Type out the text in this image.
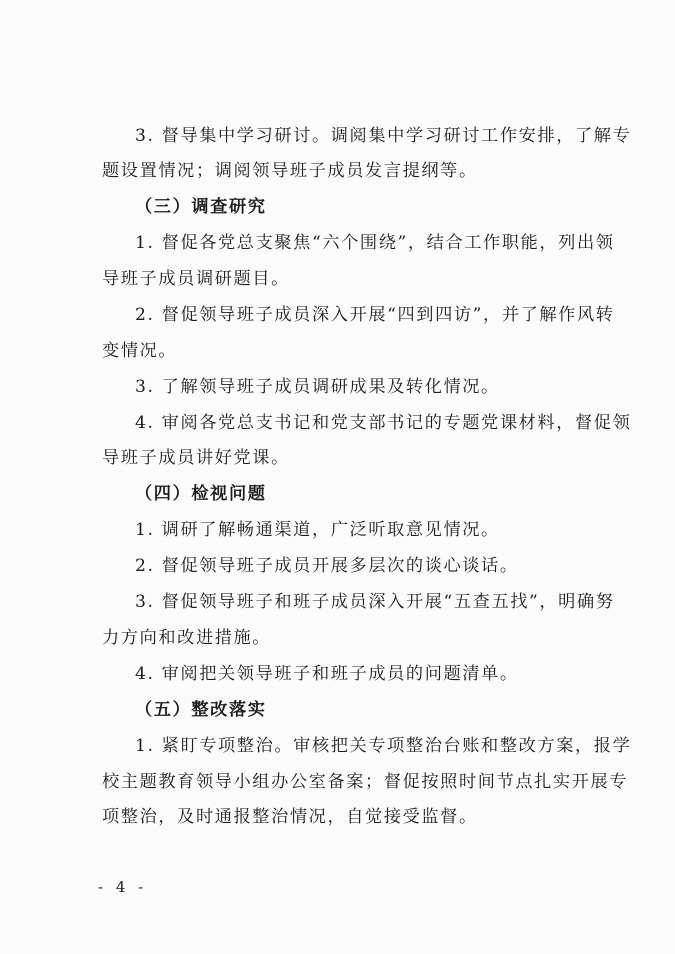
3. 督导集中学习研讨。调阅集中学习研讨工作安排，了解专
题设置情况；调阅领导班子成员发言提纲等。
（三）调查研究
1. 督促各党总支聚焦“六个围绕”，结合工作职能，列出领
导班子成员调研题目。
2. 督促领导班子成员深入开展“四到四访”，并了解作风转
变情况。
3. 了解领导班子成员调研成果及转化情况。
4. 审阅各党总支书记和党支部书记的专题党课材料，督促领
导班子成员讲好党课。
（四）检视问题
1. 调研了解畅通渠道，广泛听取意见情况。
2. 督促领导班子成员开展多层次的谈心谈话。
3. 督促领导班子和班子成员深入开展“五查五找”，明确努
力方向和改进措施。
4. 审阅把关领导班子和班子成员的问题清单。
（五）整改落实
1. 紧盯专项整治。审核把关专项整治台账和整改方案，报学
校主题教育领导小组办公室备案；督促按照时间节点扎实开展专
项整治，及时通报整治情况，自觉接受监督。
- 4 -
